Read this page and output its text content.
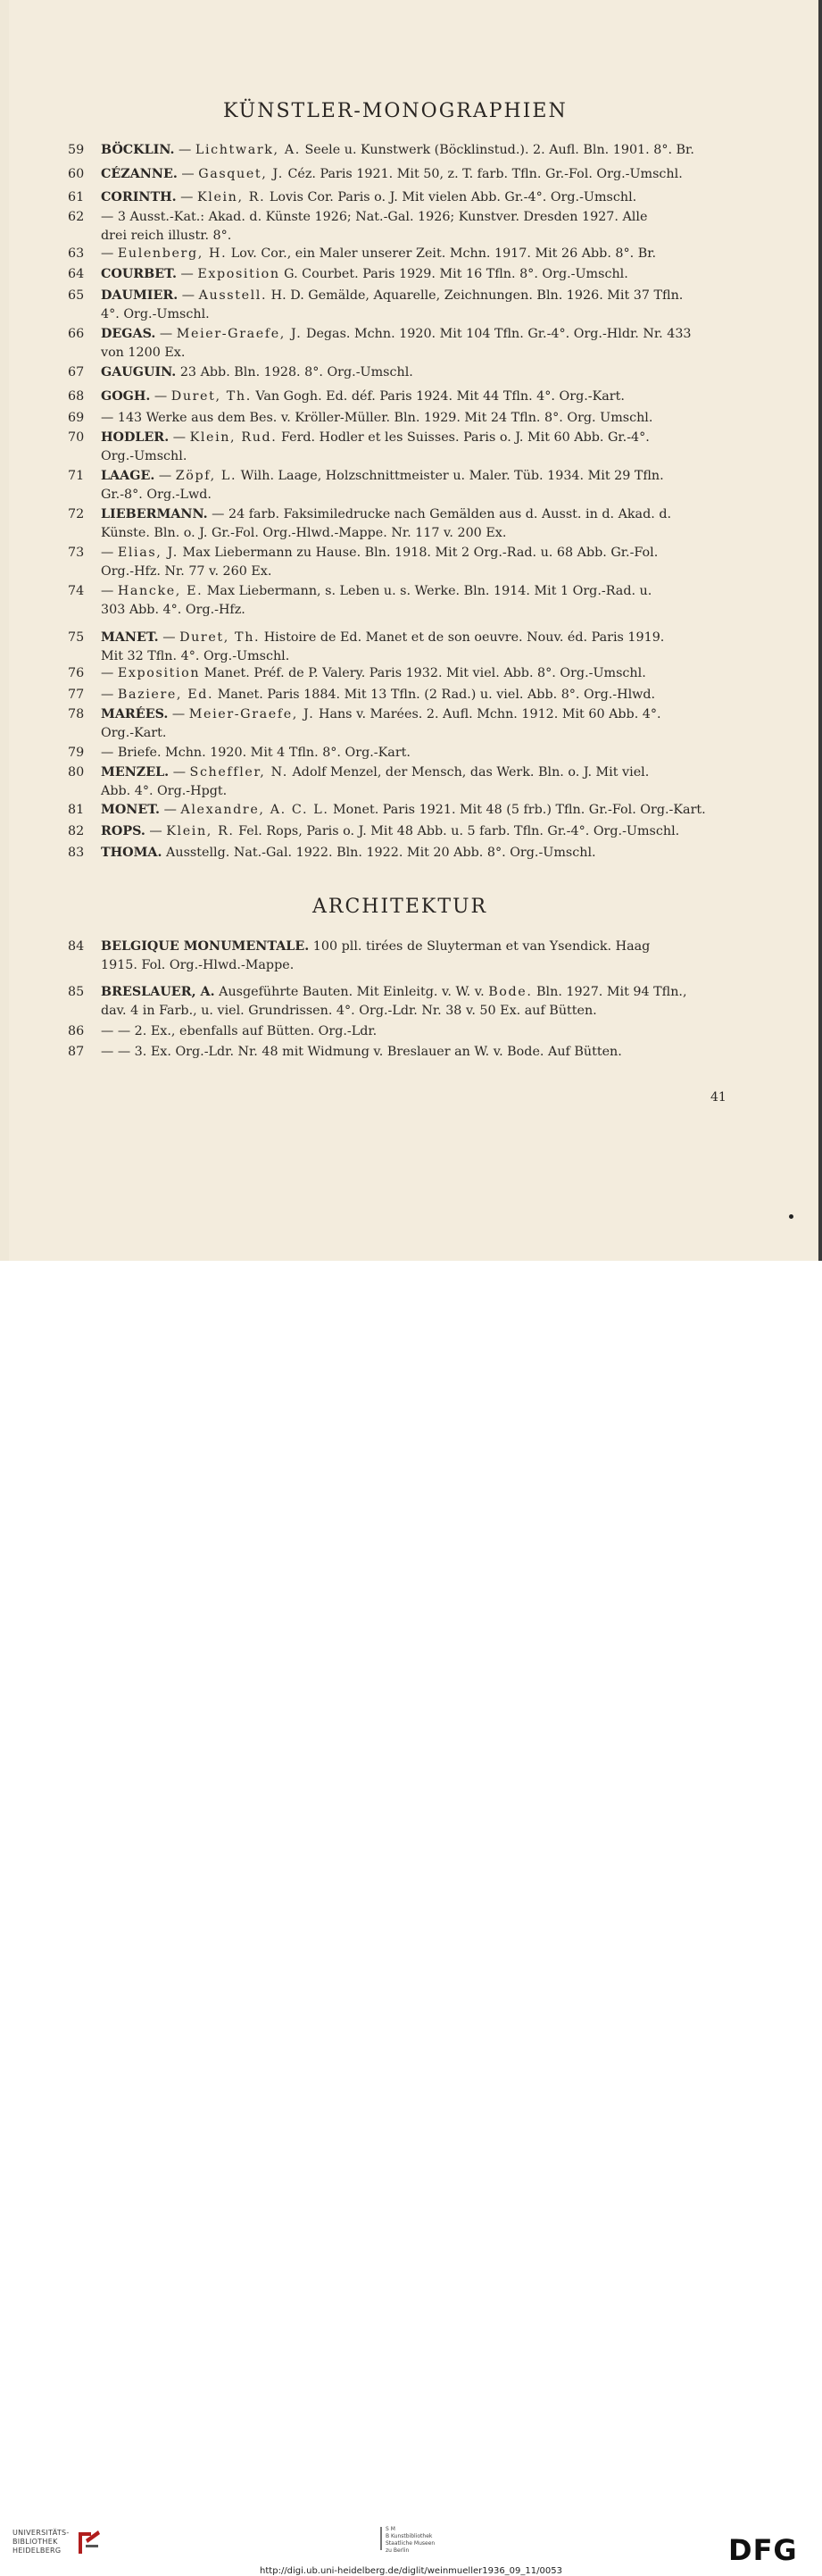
KÜNSTLER-MONOGRAPHIEN
ARCHITEKTUR
59	BÖCKLIN. — Lichtwark, A. Seele u. Kunstwerk (Böcklinstud.). 2. Aufl. Bln. 1901. 8°. Br.
60	CÉZANNE. — Gasquet, J. Céz. Paris 1921. Mit 50, z. T. farb. Tfln. Gr.-Fol. Org.-Umschl.
61	CORINTH. — Klein, R. Lovis Cor. Paris o. J. Mit vielen Abb. Gr.-4°. Org.-Umschl.
62	— 3 Ausst.-Kat.: Akad. d. Künste 1926; Nat.-Gal. 1926; Kunstver. Dresden 1927. Alle
drei reich illustr. 8°.
63	— Eulenberg, H. Lov. Cor., ein Maler unserer Zeit. Mchn. 1917. Mit 26 Abb. 8°. Br.
64	COURBET. — Exposition G. Courbet. Paris 1929. Mit 16 Tfln. 8°. Org.-Umschl.
65	DAUMIER. — Ausstell. H. D. Gemälde, Aquarelle, Zeichnungen. Bln. 1926. Mit 37 Tfln.
4°. Org.-Umschl.
66	DEGAS. — Meier-Graefe, J. Degas. Mchn. 1920. Mit 104 Tfln. Gr.-4°. Org.-Hldr. Nr. 433
von 1200 Ex.
67	GAUGUIN. 23 Abb. Bln. 1928. 8°. Org.-Umschl.
68	GOGH. — Duret, Th. Van Gogh. Ed. déf. Paris 1924. Mit 44 Tfln. 4°. Org.-Kart.
69	— 143 Werke aus dem Bes. v. Kröller-Müller. Bln. 1929. Mit 24 Tfln. 8°. Org. Umschl.
70	HODLER. — Klein, Rud. Ferd. Hodler et les Suisses. Paris o. J. Mit 60 Abb. Gr.-4°.
Org.-Umschl.
71	LAAGE. — Zöpf, L. Wilh. Laage, Holzschnittmeister u. Maler. Tüb. 1934. Mit 29 Tfln.
Gr.-8°. Org.-Lwd.
72	LIEBERMANN. — 24 farb. Faksimiledrucke nach Gemälden aus d. Ausst. in d. Akad. d.
Künste. Bln. o. J. Gr.-Fol. Org.-Hlwd.-Mappe. Nr. 117 v. 200 Ex.
73	— Elias, J. Max Liebermann zu Hause. Bln. 1918. Mit 2 Org.-Rad. u. 68 Abb. Gr.-Fol.
Org.-Hfz. Nr. 77 v. 260 Ex.
74	— Hancke, E. Max Liebermann, s. Leben u. s. Werke. Bln. 1914. Mit 1 Org.-Rad. u.
303 Abb. 4°. Org.-Hfz.
75	MANET. — Duret, Th. Histoire de Ed. Manet et de son oeuvre. Nouv. éd. Paris 1919.
Mit 32 Tfln. 4°. Org.-Umschl.
76	— Exposition Manet. Préf. de P. Valery. Paris 1932. Mit viel. Abb. 8°. Org.-Umschl.
77	— Baziere, Ed. Manet. Paris 1884. Mit 13 Tfln. (2 Rad.) u. viel. Abb. 8°. Org.-Hlwd.
78	MARÉES. — Meier-Graefe, J. Hans v. Marées. 2. Aufl. Mchn. 1912. Mit 60 Abb. 4°.
Org.-Kart.
79	— Briefe. Mchn. 1920. Mit 4 Tfln. 8°. Org.-Kart.
80	MENZEL. — Scheffler, N. Adolf Menzel, der Mensch, das Werk. Bln. o. J. Mit viel.
Abb. 4°. Org.-Hpgt.
81	MONET. — Alexandre, A. C. L. Monet. Paris 1921. Mit 48 (5 frb.) Tfln. Gr.-Fol. Org.-Kart.
82	ROPS. — Klein, R. Fel. Rops, Paris o. J. Mit 48 Abb. u. 5 farb. Tfln. Gr.-4°. Org.-Umschl.
83	THOMA. Ausstellg. Nat.-Gal. 1922. Bln. 1922. Mit 20 Abb. 8°. Org.-Umschl.
84	BELGIQUE MONUMENTALE. 100 pll. tirées de Sluyterman et van Ysendick. Haag
1915. Fol. Org.-Hlwd.-Mappe.
85	BRESLAUER, A. Ausgeführte Bauten. Mit Einleitg. v. W. v. Bode. Bln. 1927. Mit 94 Tfln.,
dav. 4 in Farb., u. viel. Grundrissen. 4°. Org.-Ldr. Nr. 38 v. 50 Ex. auf Bütten.
86	— — 2. Ex., ebenfalls auf Bütten. Org.-Ldr.
87	— — 3. Ex. Org.-Ldr. Nr. 48 mit Widmung v. Breslauer an W. v. Bode. Auf Bütten.
41
UNIVERSITÄTS-
BIBLIOTHEK
HEIDELBERG
S M
B Kunstbibliothek
Staatliche Museen
zu Berlin	DFG
http://digi.ub.uni-heidelberg.de/diglit/weinmueller1936_09_11/0053
